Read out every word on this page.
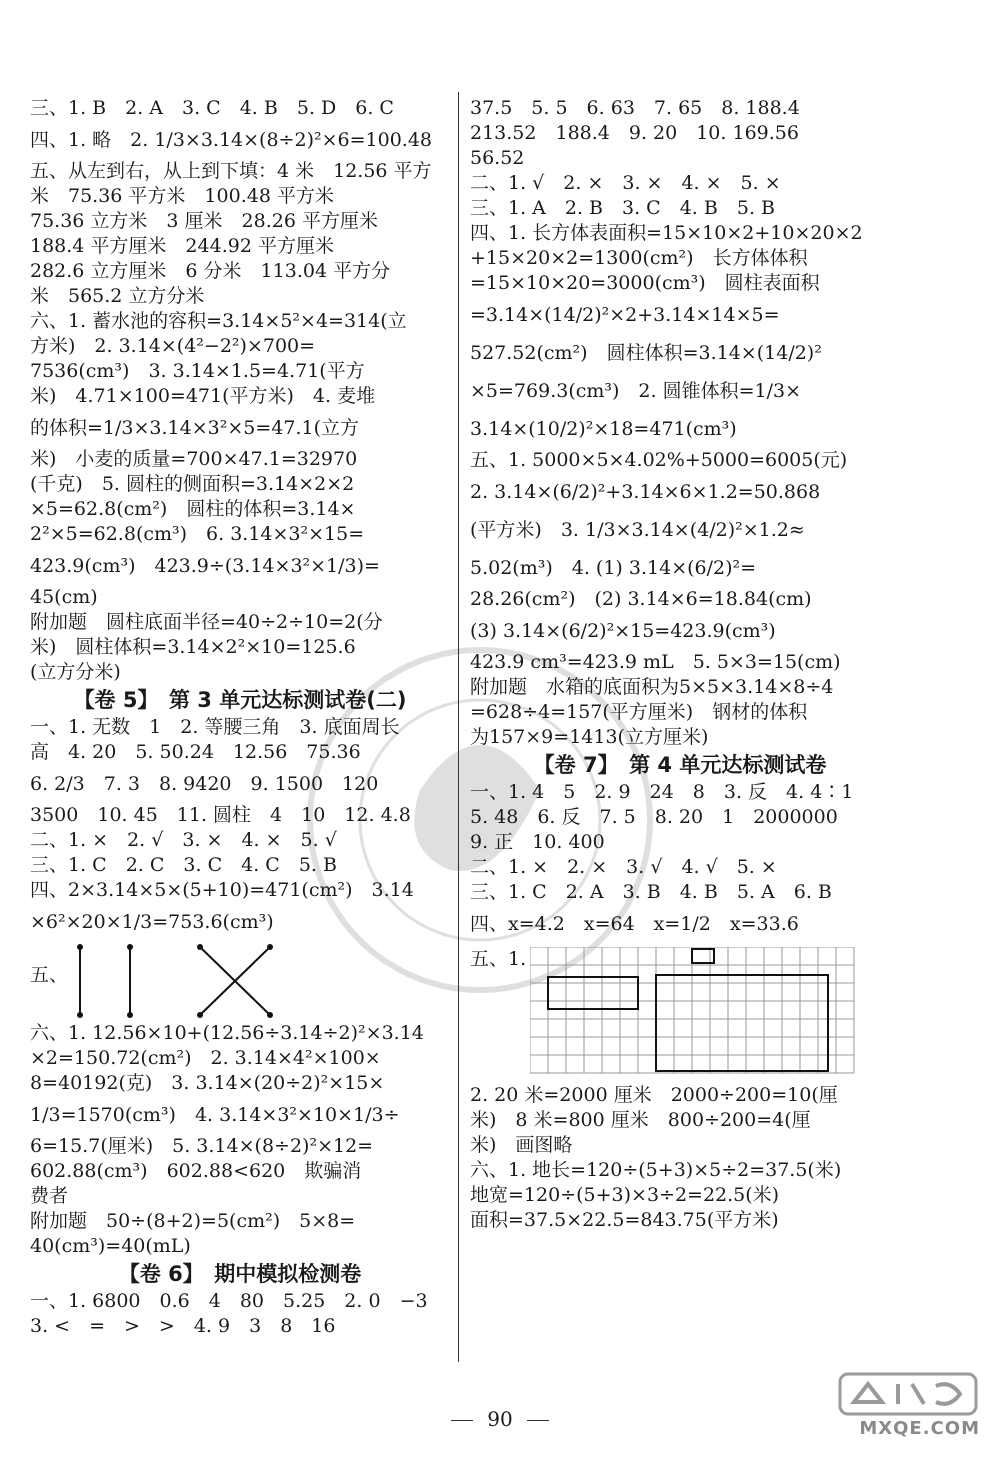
三、1. B　2. A　3. C　4. B　5. D　6. C
四、1. 略　2. 1/3×3.14×(8÷2)²×6=100.48
五、从左到右，从上到下填：4 米　12.56 平方
米　75.36 平方米　100.48 平方米
75.36 立方米　3 厘米　28.26 平方厘米
188.4 平方厘米　244.92 平方厘米
282.6 立方厘米　6 分米　113.04 平方分
米　565.2 立方分米
六、1. 蓄水池的容积=3.14×5²×4=314(立
方米)　2. 3.14×(4²−2²)×700=
7536(cm³)　3. 3.14×1.5=4.71(平方
米)　4.71×100=471(平方米)　4. 麦堆
的体积=1/3×3.14×3²×5=47.1(立方
米)　小麦的质量=700×47.1=32970
(千克)　5. 圆柱的侧面积=3.14×2×2
×5=62.8(cm²)　圆柱的体积=3.14×
2²×5=62.8(cm³)　6. 3.14×3²×15=
423.9(cm³)　423.9÷(3.14×3²×1/3)=
45(cm)
附加题　圆柱底面半径=40÷2÷10=2(分
米)　圆柱体积=3.14×2²×10=125.6
(立方分米)
【卷 5】　第 3 单元达标测试卷(二)
一、1. 无数　1　2. 等腰三角　3. 底面周长
高　4. 20　5. 50.24　12.56　75.36
6. 2/3　7. 3　8. 9420　9. 1500　120
3500　10. 45　11. 圆柱　4　10　12. 4.8
二、1. ×　2. √　3. ×　4. ×　5. √
三、1. C　2. C　3. C　4. C　5. B
四、2×3.14×5×(5+10)=471(cm²)　3.14
×6²×20×1/3=753.6(cm³)
五、
六、1. 12.56×10+(12.56÷3.14÷2)²×3.14
×2=150.72(cm²)　2. 3.14×4²×100×
8=40192(克)　3. 3.14×(20÷2)²×15×
1/3=1570(cm³)　4. 3.14×3²×10×1/3÷
6=15.7(厘米)　5. 3.14×(8÷2)²×12=
602.88(cm³)　602.88<620　欺骗消
费者
附加题　50÷(8+2)=5(cm²)　5×8=
40(cm³)=40(mL)
【卷 6】　期中模拟检测卷
一、1. 6800　0.6　4　80　5.25　2. 0　−3
3. <　=　>　>　4. 9　3　8　16
37.5　5. 5　6. 63　7. 65　8. 188.4
213.52　188.4　9. 20　10. 169.56
56.52
二、1. √　2. ×　3. ×　4. ×　5. ×
三、1. A　2. B　3. C　4. B　5. B
四、1. 长方体表面积=15×10×2+10×20×2
+15×20×2=1300(cm²)　长方体体积
=15×10×20=3000(cm³)　圆柱表面积
=3.14×(14/2)²×2+3.14×14×5=
527.52(cm²)　圆柱体积=3.14×(14/2)²
×5=769.3(cm³)　2. 圆锥体积=1/3×
3.14×(10/2)²×18=471(cm³)
五、1. 5000×5×4.02%+5000=6005(元)
2. 3.14×(6/2)²+3.14×6×1.2=50.868
(平方米)　3. 1/3×3.14×(4/2)²×1.2≈
5.02(m³)　4. (1) 3.14×(6/2)²=
28.26(cm²)　(2) 3.14×6=18.84(cm)
(3) 3.14×(6/2)²×15=423.9(cm³)
423.9 cm³=423.9 mL　5. 5×3=15(cm)
附加题　水箱的底面积为5×5×3.14×8÷4
=628÷4=157(平方厘米)　钢材的体积
为157×9=1413(立方厘米)
【卷 7】　第 4 单元达标测试卷
一、1. 4　5　2. 9　24　8　3. 反　4. 4∶1
5. 48　6. 反　7. 5　8. 20　1　2000000
9. 正　10. 400
二、1. ×　2. ×　3. √　4. √　5. ×
三、1. C　2. A　3. B　4. B　5. A　6. B
四、x=4.2　x=64　x=1/2　x=33.6
五、1.
2. 20 米=2000 厘米　2000÷200=10(厘
米)　8 米=800 厘米　800÷200=4(厘
米)　画图略
六、1. 地长=120÷(5+3)×5÷2=37.5(米)
地宽=120÷(5+3)×3÷2=22.5(米)
面积=37.5×22.5=843.75(平方米)
90	MXQE.COM
